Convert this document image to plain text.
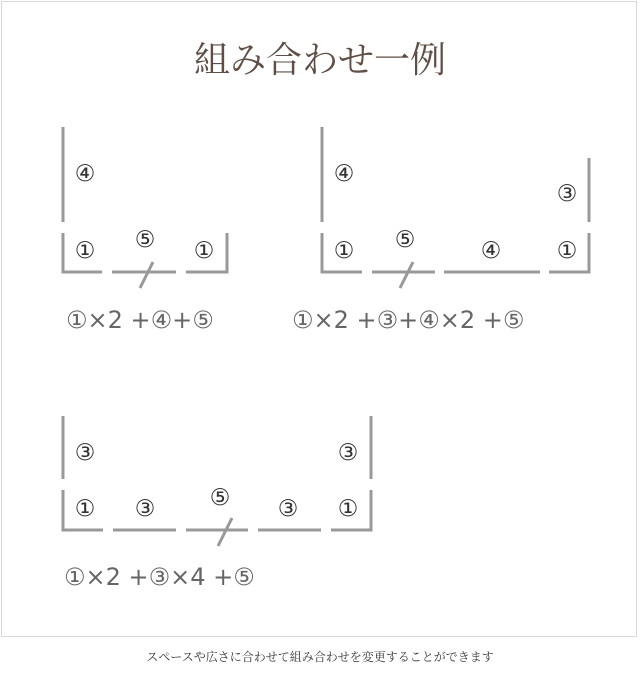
組み合わせ一例
④
① ⑤ ①
①×2 +④+⑤
④
③
① ⑤	④ ①
①×2 +③+④×2 +⑤
③	③
① ③ ⑤ ③ ①
①×2 +③×4 +⑤
スペースや広さに合わせて組み合わせを変更することができます
